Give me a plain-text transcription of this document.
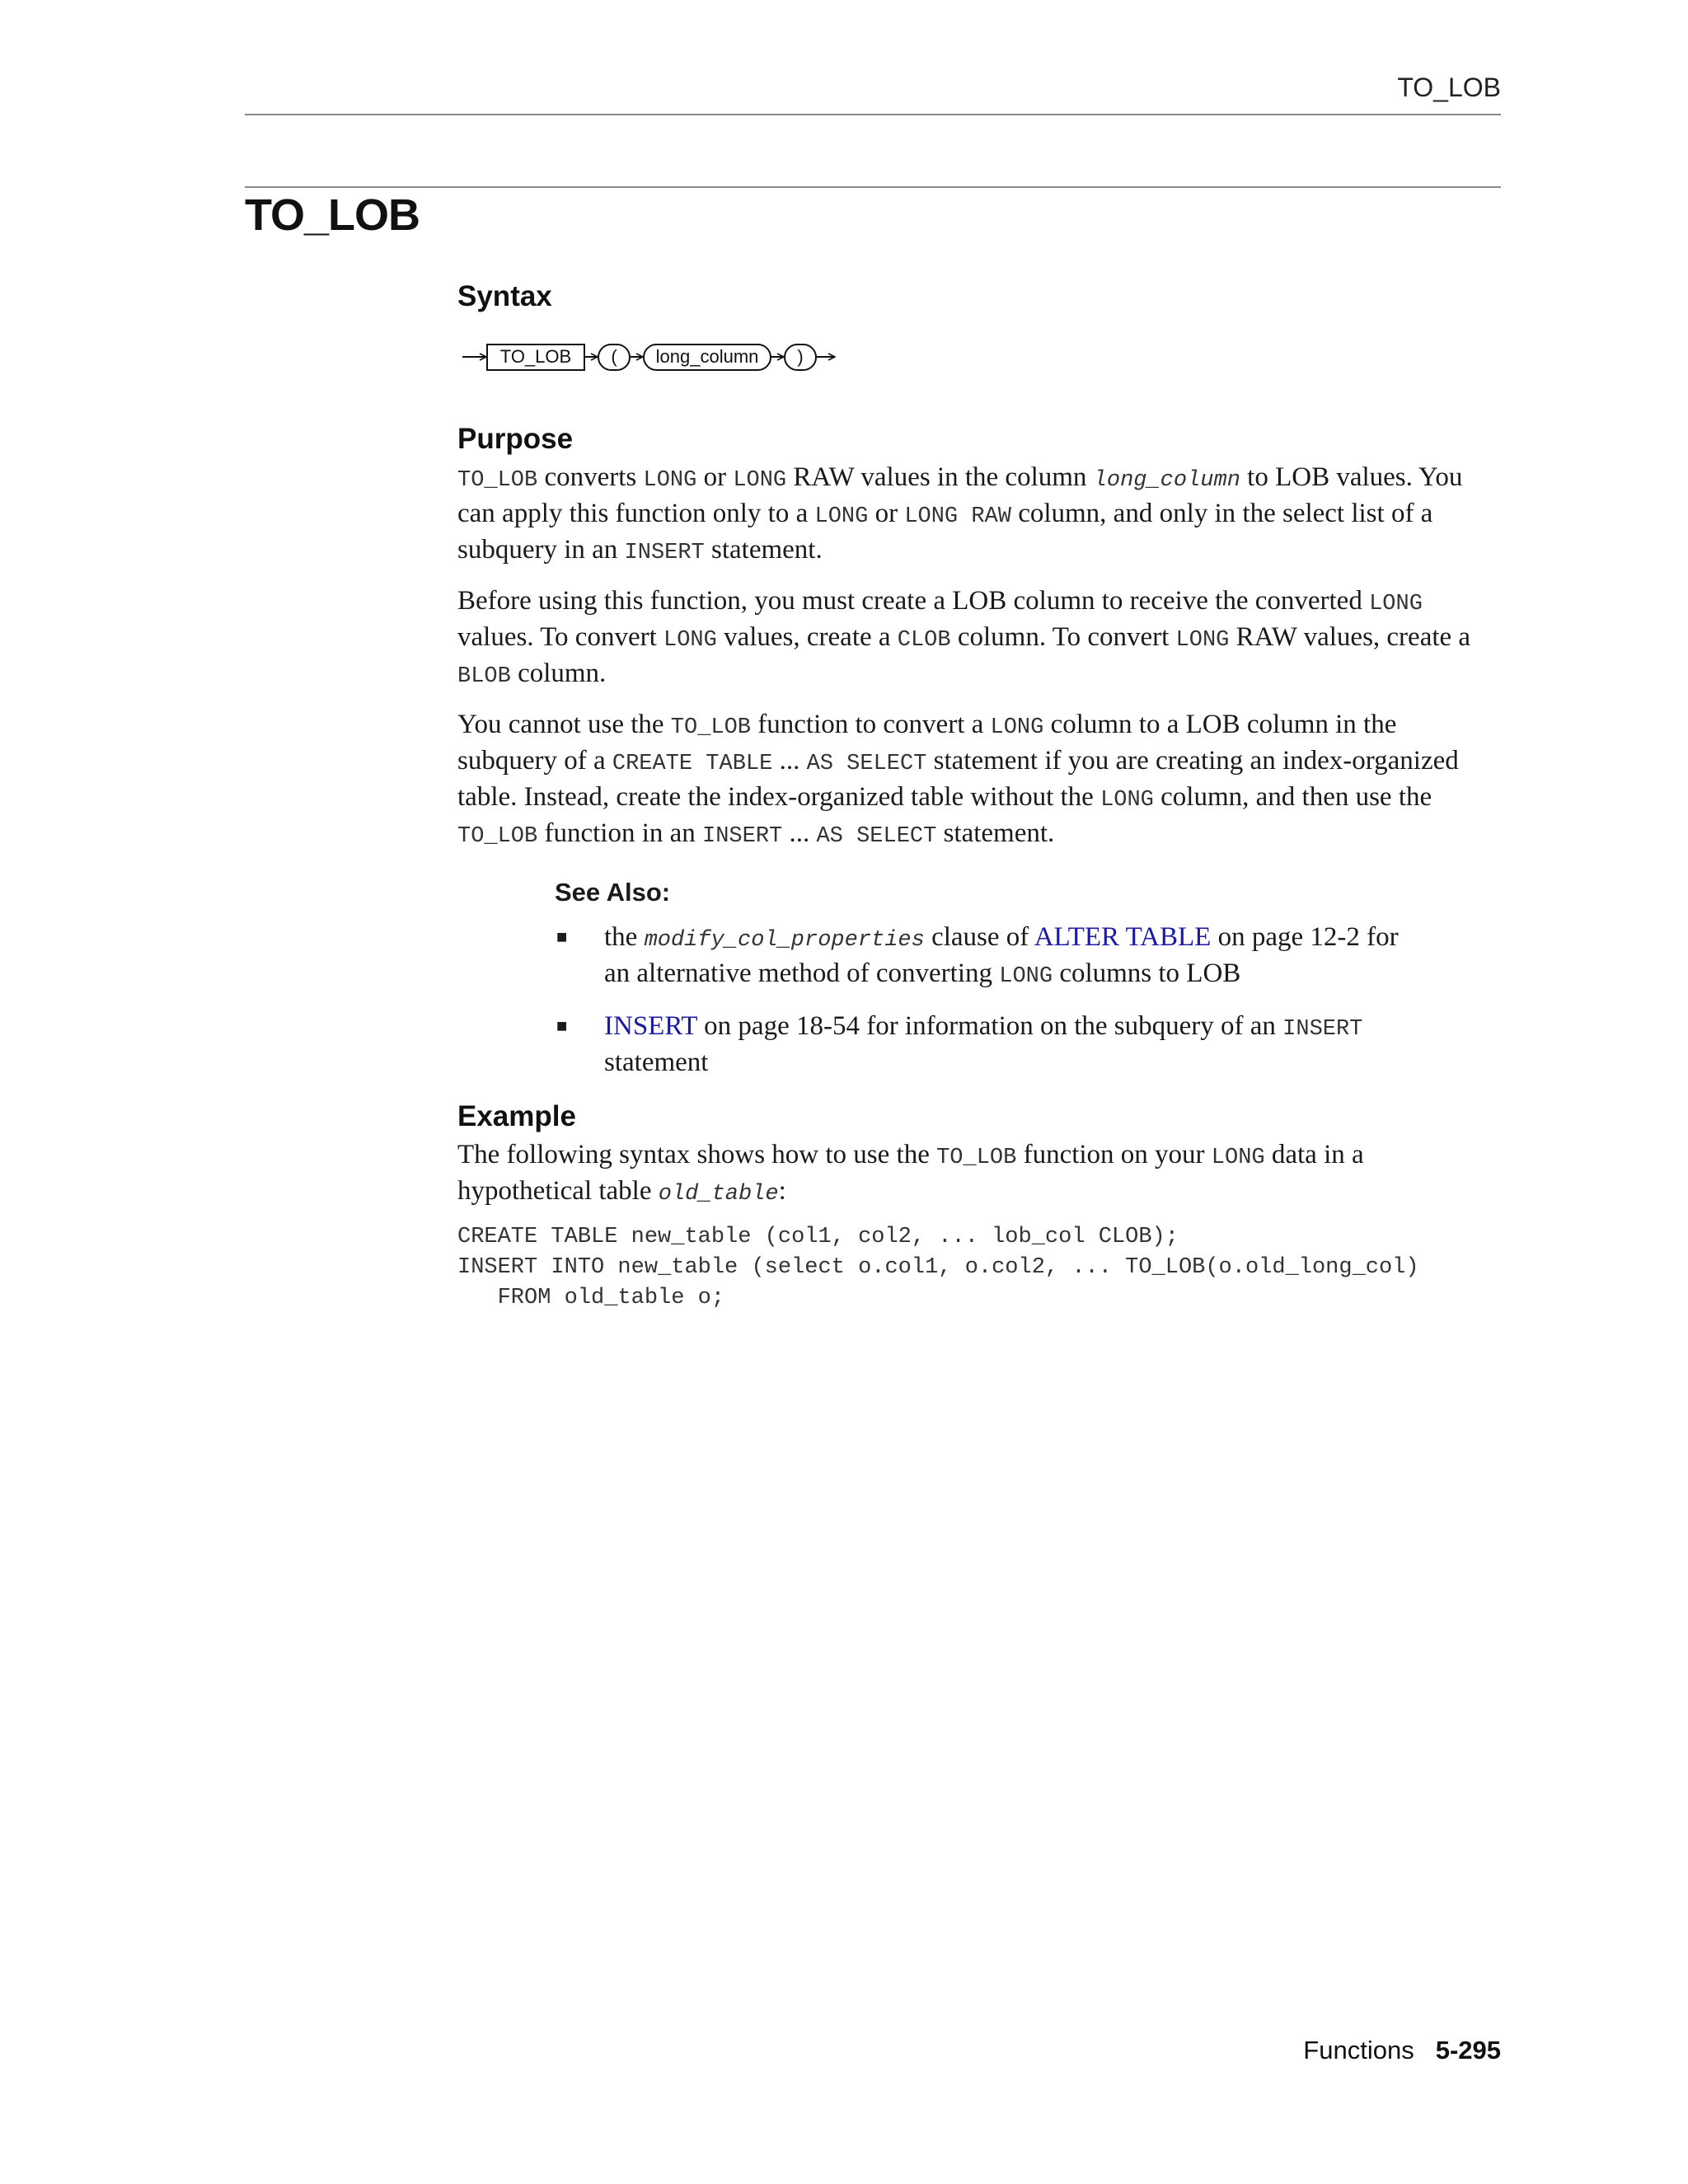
TO_LOB
TO_LOB
Syntax
TO_LOB ( long_column )
Purpose

TO_LOB converts LONG or LONG RAW values in the column long_column to LOB values. You can apply this function only to a LONG or LONG RAW column, and only in the select list of a subquery in an INSERT statement.

Before using this function, you must create a LOB column to receive the converted LONG values. To convert LONG values, create a CLOB column. To convert LONG RAW values, create a BLOB column.

You cannot use the TO_LOB function to convert a LONG column to a LOB column in the subquery of a CREATE TABLE ... AS SELECT statement if you are creating an index-organized table. Instead, create the index-organized table without the LONG column, and then use the TO_LOB function in an INSERT ... AS SELECT statement.

See Also:
■ the modify_col_properties clause of ALTER TABLE on page 12-2 for an alternative method of converting LONG columns to LOB
■ INSERT on page 18-54 for information on the subquery of an INSERT statement
Example

The following syntax shows how to use the TO_LOB function on your LONG data in a hypothetical table old_table:

CREATE TABLE new_table (col1, col2, ... lob_col CLOB);
INSERT INTO new_table (select o.col1, o.col2, ... TO_LOB(o.old_long_col)
FROM old_table o;
Functions 5-295
